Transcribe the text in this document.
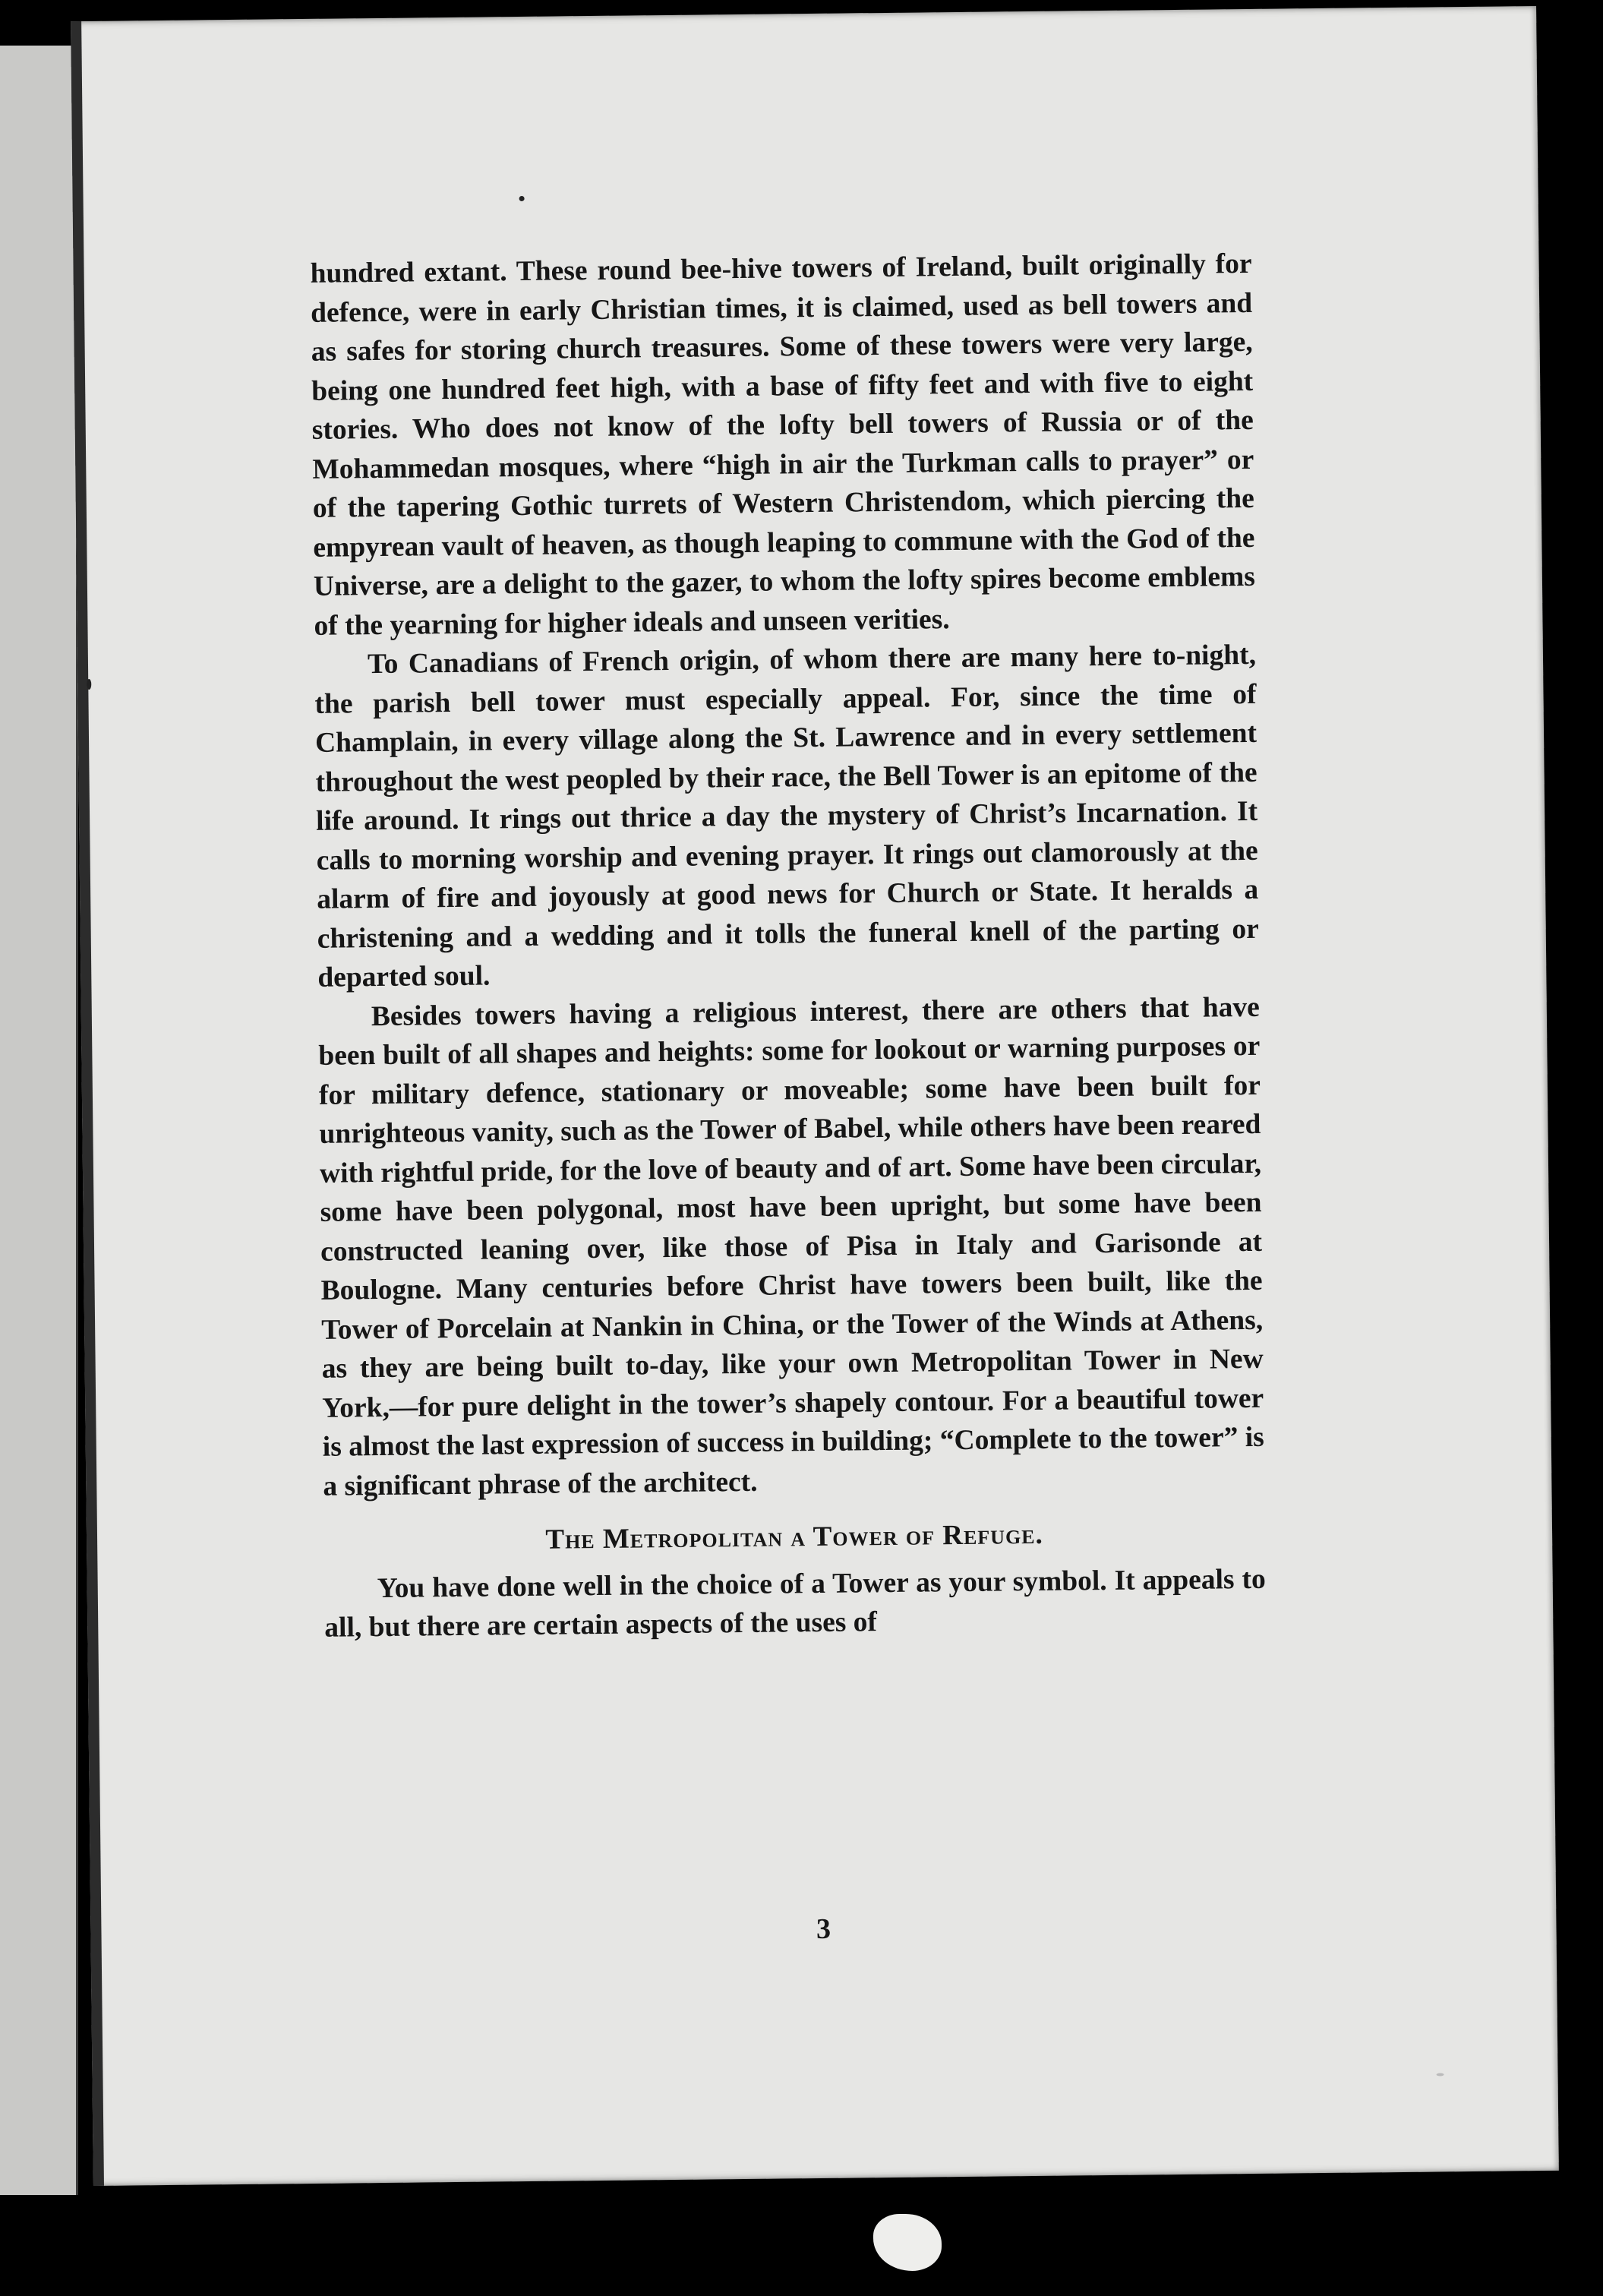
hundred extant. These round bee-hive towers of Ireland, built originally for defence, were in early Christian times, it is claimed, used as bell towers and as safes for storing church treasures. Some of these towers were very large, being one hundred feet high, with a base of fifty feet and with five to eight stories. Who does not know of the lofty bell towers of Russia or of the Mohammedan mosques, where “high in air the Turkman calls to prayer” or of the tapering Gothic turrets of Western Christendom, which piercing the empyrean vault of heaven, as though leaping to commune with the God of the Universe, are a delight to the gazer, to whom the lofty spires become emblems of the yearning for higher ideals and unseen verities.

To Canadians of French origin, of whom there are many here to-night, the parish bell tower must especially appeal. For, since the time of Champlain, in every village along the St. Lawrence and in every settlement throughout the west peopled by their race, the Bell Tower is an epitome of the life around. It rings out thrice a day the mystery of Christ’s Incarnation. It calls to morning worship and evening prayer. It rings out clamorously at the alarm of fire and joyously at good news for Church or State. It heralds a christening and a wedding and it tolls the funeral knell of the parting or departed soul.

Besides towers having a religious interest, there are others that have been built of all shapes and heights: some for lookout or warning purposes or for military defence, stationary or moveable; some have been built for unrighteous vanity, such as the Tower of Babel, while others have been reared with rightful pride, for the love of beauty and of art. Some have been circular, some have been polygonal, most have been upright, but some have been constructed leaning over, like those of Pisa in Italy and Garisonde at Boulogne. Many centuries before Christ have towers been built, like the Tower of Porcelain at Nankin in China, or the Tower of the Winds at Athens, as they are being built to-day, like your own Metropolitan Tower in New York,—for pure delight in the tower’s shapely contour. For a beautiful tower is almost the last expression of success in building; “Complete to the tower” is a significant phrase of the architect.

The Metropolitan a Tower of Refuge.

You have done well in the choice of a Tower as your symbol. It appeals to all, but there are certain aspects of the uses of

3
